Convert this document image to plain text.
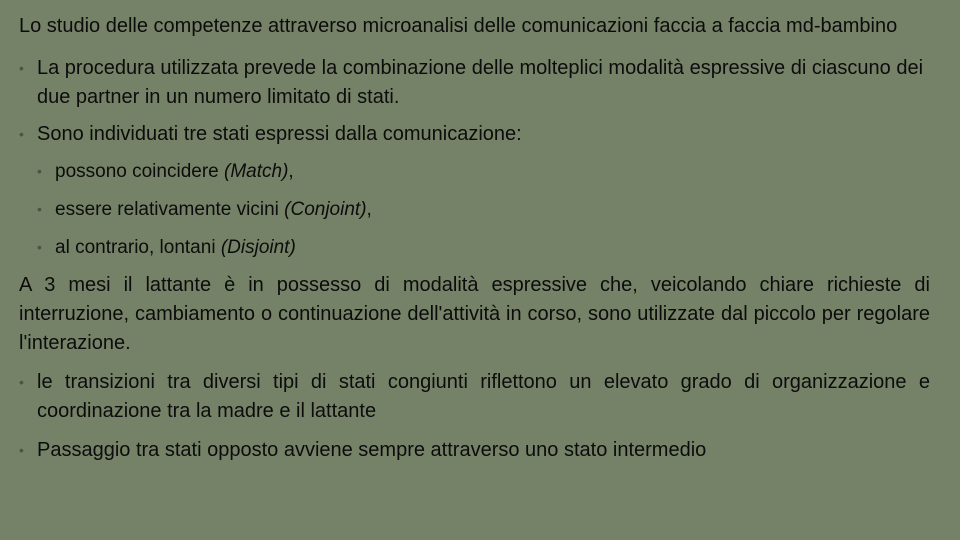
Lo studio delle competenze attraverso microanalisi delle comunicazioni faccia a faccia md-bambino
• La procedura utilizzata prevede la combinazione delle molteplici modalità espressive di ciascuno dei due partner in un numero limitato di stati.
• Sono individuati tre stati espressi dalla comunicazione:
• possono coincidere (Match),
• essere relativamente vicini (Conjoint),
• al contrario, lontani (Disjoint)
A 3 mesi il lattante è in possesso di modalità espressive che, veicolando chiare richieste di interruzione, cambiamento o continuazione dell'attività in corso, sono utilizzate dal piccolo per regolare l'interazione.
• le transizioni tra diversi tipi di stati congiunti riflettono un elevato grado di organizzazione e coordinazione tra la madre e il lattante
• Passaggio tra stati opposto avviene sempre attraverso uno stato intermedio
